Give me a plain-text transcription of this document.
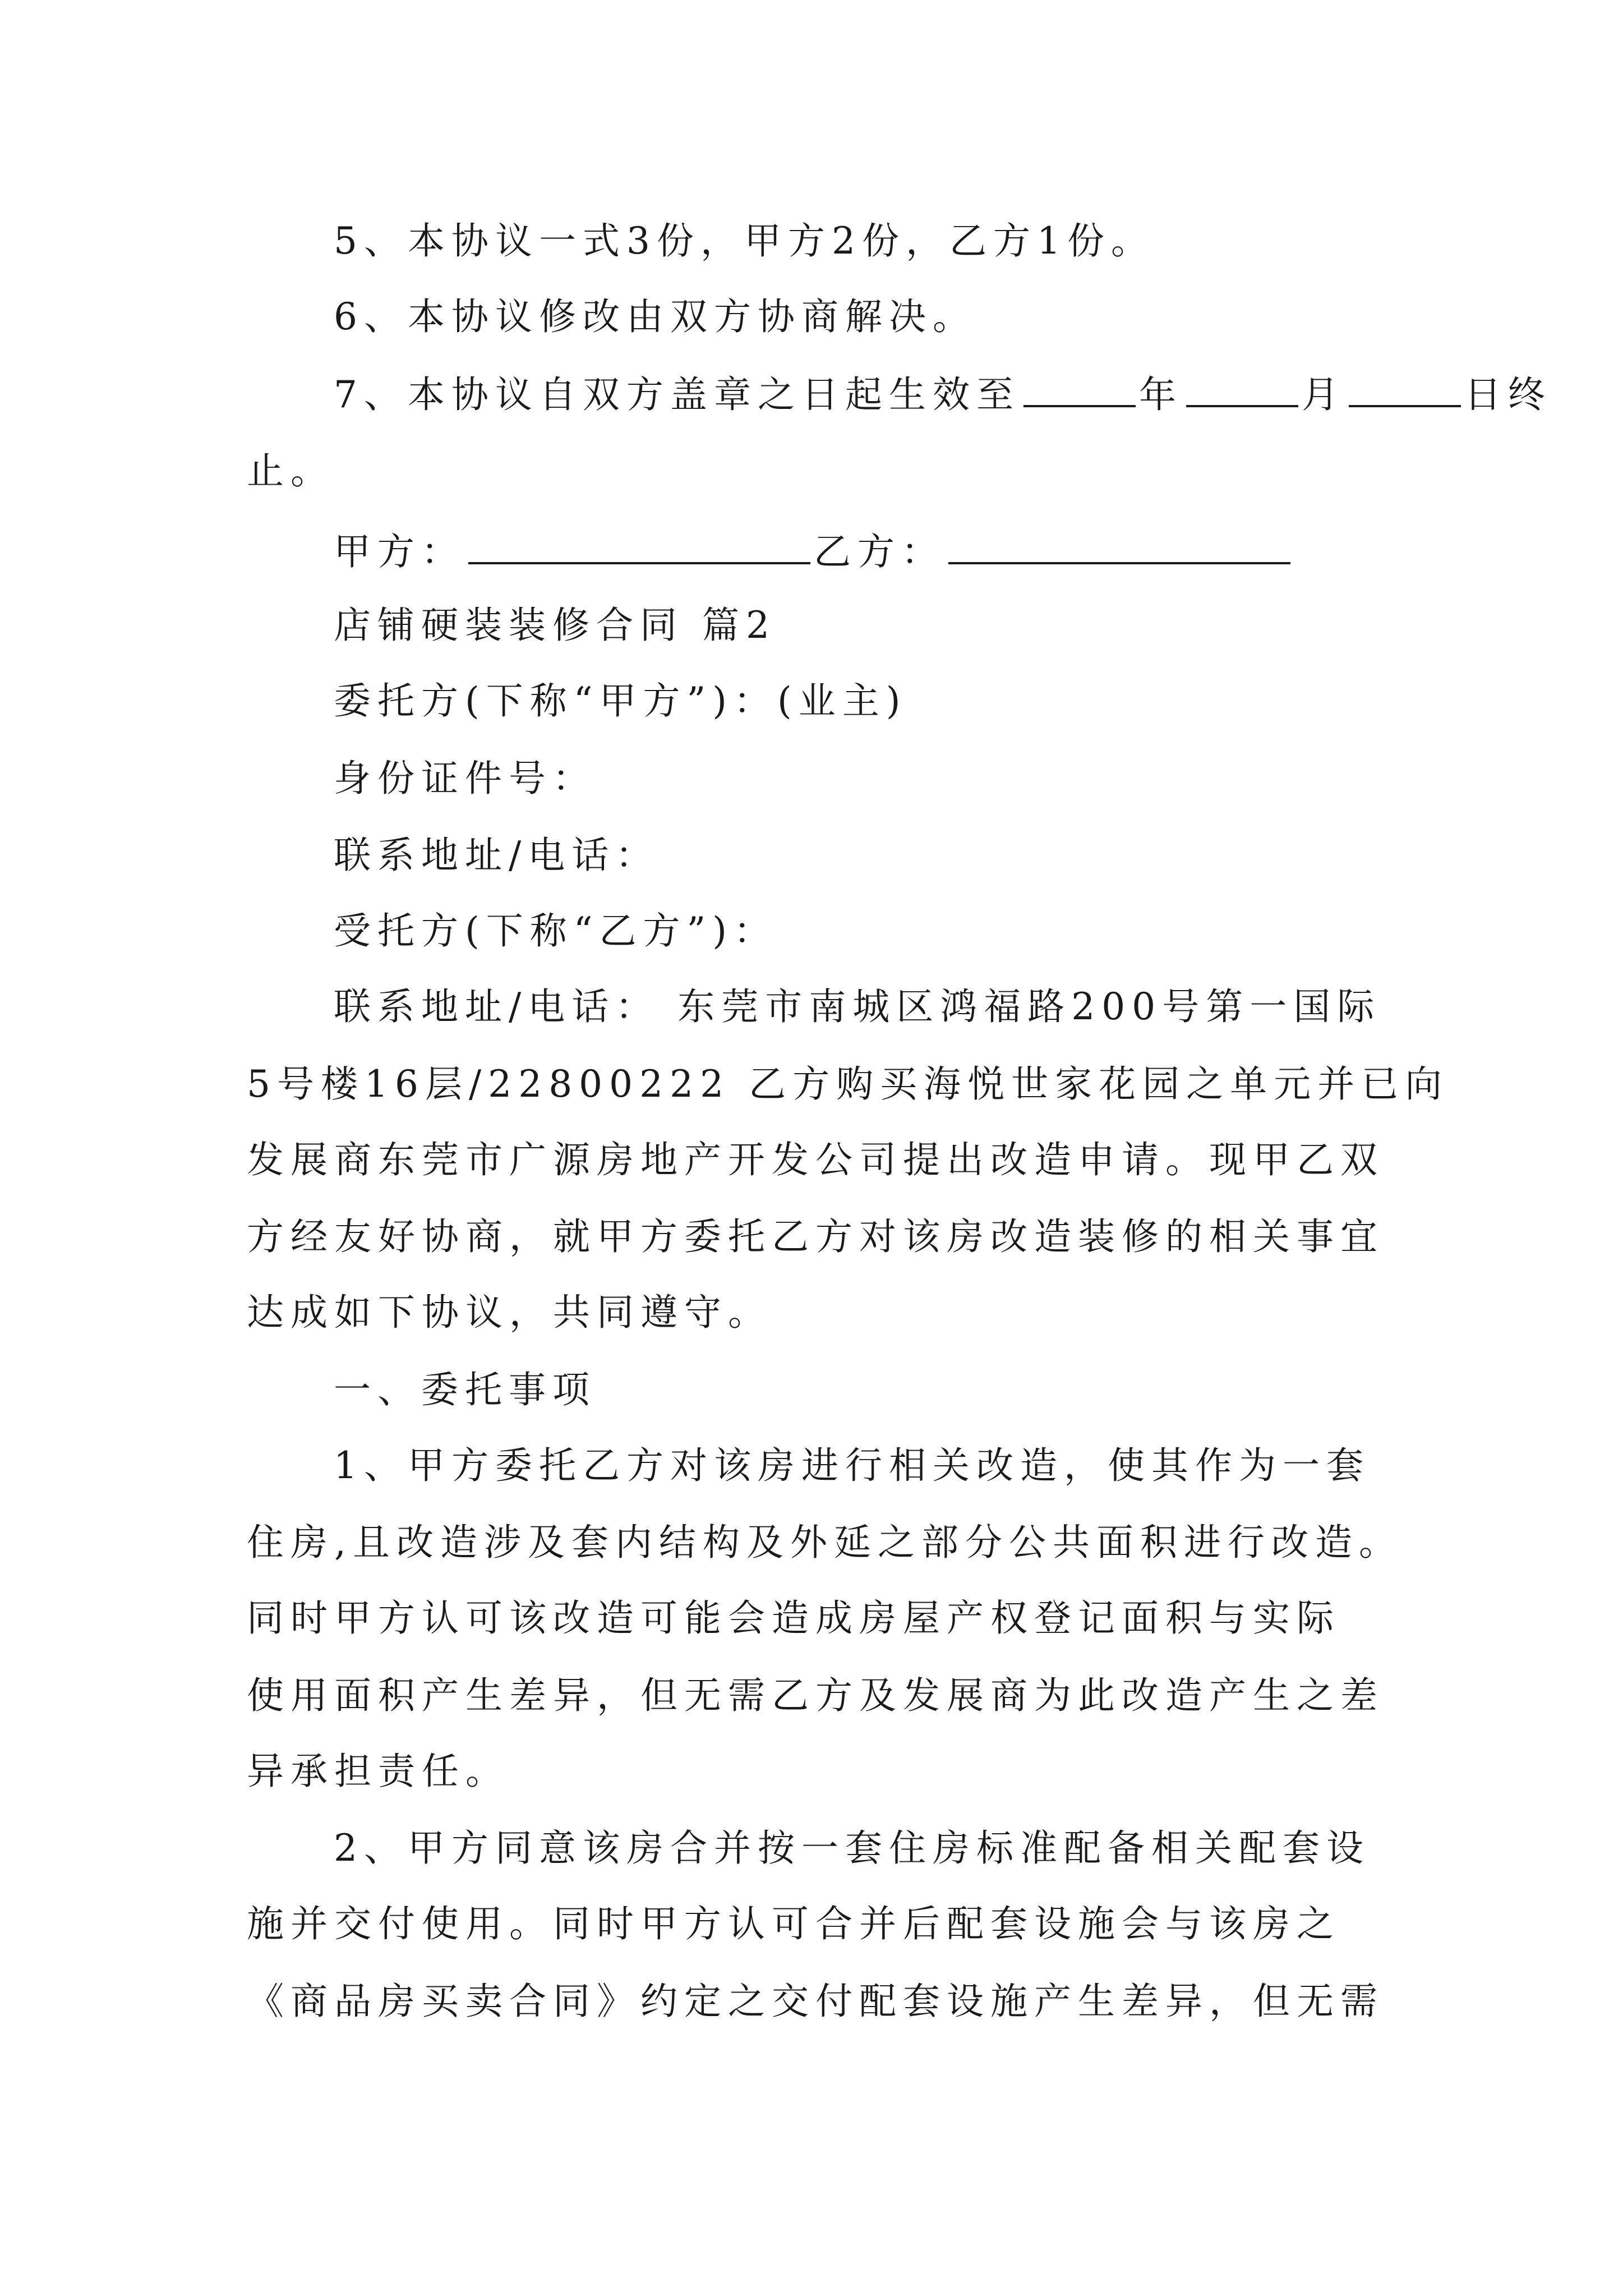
5、本协议一式3份，甲方2份，乙方1份。
6、本协议修改由双方协商解决。
7、本协议自双方盖章之日起生效至	年	月	日终
止。
甲方：	乙方：
店铺硬装装修合同 篇2
委托方(下称“甲方”)：(业主)
身份证件号：
联系地址/电话：
受托方(下称“乙方”)：
联系地址/电话： 东莞市南城区鸿福路200号第一国际
5号楼16层/22800222 乙方购买海悦世家花园之单元并已向
发展商东莞市广源房地产开发公司提出改造申请。现甲乙双
方经友好协商，就甲方委托乙方对该房改造装修的相关事宜
达成如下协议，共同遵守。
一、委托事项
1、甲方委托乙方对该房进行相关改造，使其作为一套
住房,且改造涉及套内结构及外延之部分公共面积进行改造。
同时甲方认可该改造可能会造成房屋产权登记面积与实际
使用面积产生差异，但无需乙方及发展商为此改造产生之差
异承担责任。
2、甲方同意该房合并按一套住房标准配备相关配套设
施并交付使用。同时甲方认可合并后配套设施会与该房之
《商品房买卖合同》约定之交付配套设施产生差异，但无需
